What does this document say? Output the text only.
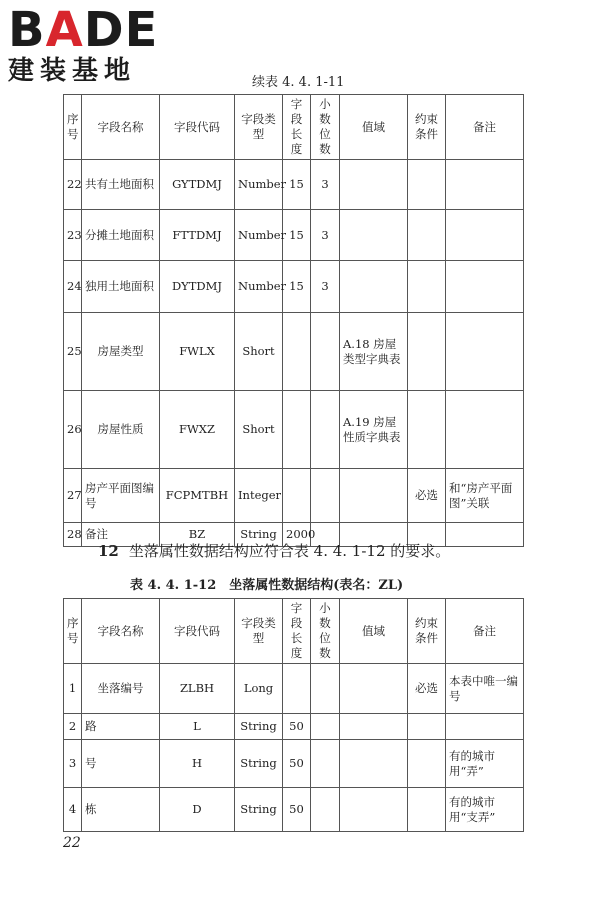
BADE
建装基地	续表 4. 4. 1-11
序号	字段名称	字段代码	字段类型	字段长度	小数位数	值域	约束条件	备注
22	共有土地面积	GYTDMJ	Number	15	3			
23	分摊土地面积	FTTDMJ	Number	15	3			
24	独用土地面积	DYTDMJ	Number	15	3			
25	房屋类型	FWLX	Short			A.18 房屋类型字典表		
26	房屋性质	FWXZ	Short			A.19 房屋性质字典表		
27	房产平面图编号	FCPMTBH	Integer				必选	和“房产平面图”关联
28	备注	BZ	String	2000				
12 坐落属性数据结构应符合表 4. 4. 1-12 的要求。
表 4. 4. 1-12　坐落属性数据结构(表名：ZL)
序号	字段名称	字段代码	字段类型	字段长度	小数位数	值域	约束条件	备注
1	坐落编号	ZLBH	Long				必选	本表中唯一编号
2	路	L	String	50				
3	号	H	String	50				有的城市用“弄”
4	栋	D	String	50				有的城市用“支弄”
22
